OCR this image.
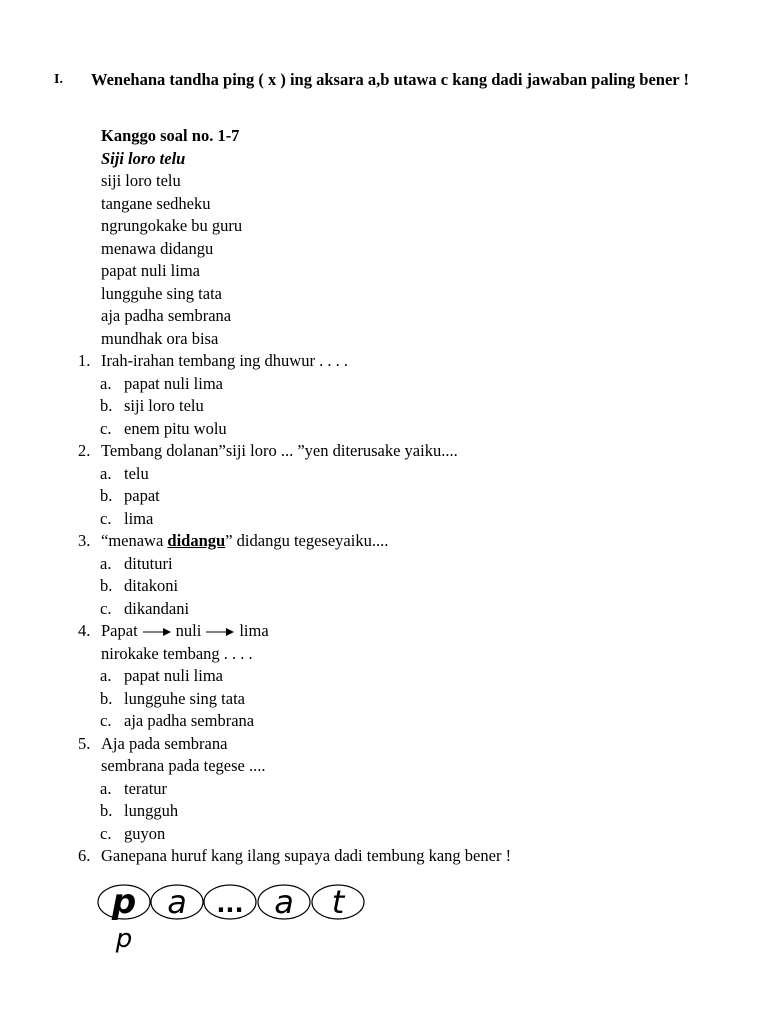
I. Wenehana tandha ping ( x ) ing aksara a,b utawa c kang dadi jawaban paling bener !
Kanggo soal no. 1-7
Siji loro telu
siji loro telu
tangane sedheku
ngrungokake bu guru
menawa didangu
papat nuli lima
lungguhe sing tata
aja padha sembrana
mundhak ora bisa
1. Irah-irahan tembang ing dhuwur . . . .
a. papat nuli lima
b. siji loro telu
c. enem pitu wolu
2. Tembang dolanan”siji loro ... ”yen diterusake yaiku....
a. telu
b. papat
c. lima
3. “menawa didangu” didangu tegeseyaiku....
a. dituturi
b. ditakoni
c. dikandani
4. Papat nuli lima
nirokake tembang . . . .
a. papat nuli lima
b. lungguhe sing tata
c. aja padha sembrana
5. Aja pada sembrana
sembrana pada tegese ....
a. teratur
b. lungguh
c. guyon
6. Ganepana huruf kang ilang supaya dadi tembung kang bener !
p a ... a t
p
